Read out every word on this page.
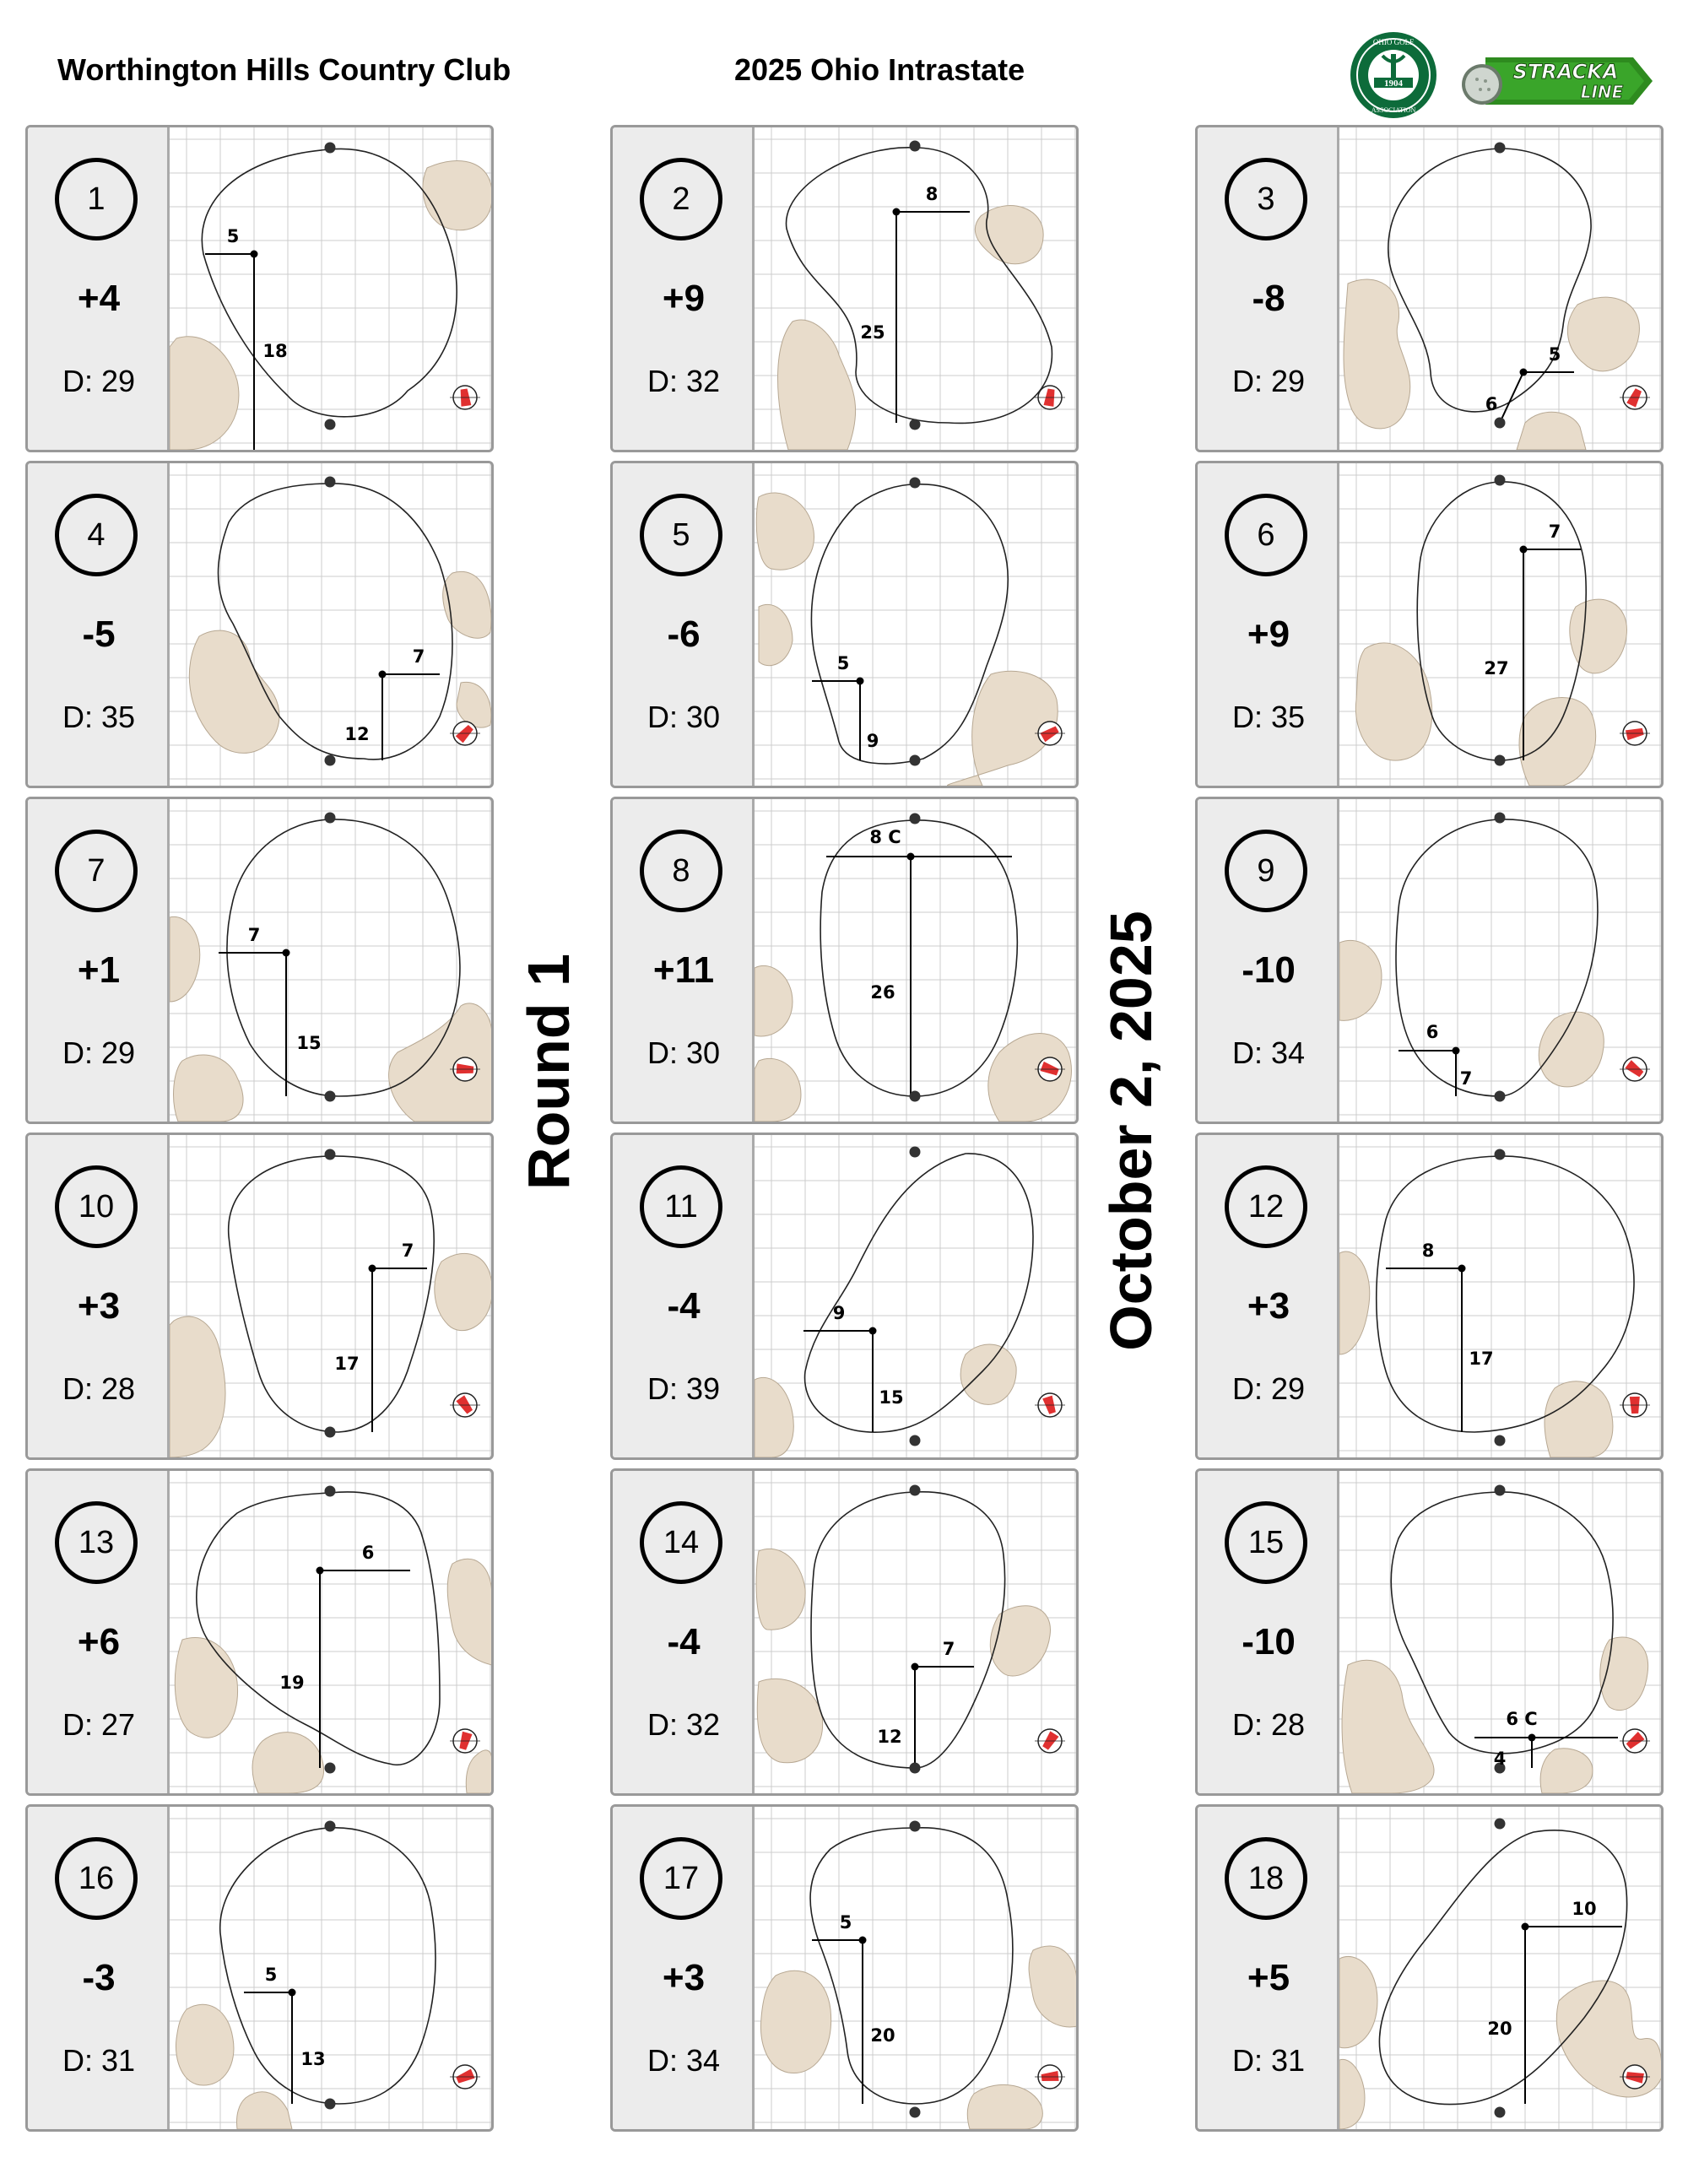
Worthington Hills Country Club	2025 Ohio Intrastate	1904
OHIO GOLF
ASSOCIATION
STRACKA
LINE
Round 1	October 2, 2025
1
+4
D: 29
5
18
2
+9
D: 32
8
25
3
-8
D: 29
5
6
4
-5
D: 35
7
12
5
-6
D: 30
5
9
6
+9
D: 35
7
27
7
+1
D: 29
7
15
8
+11
D: 30
8 C
26
9
-10
D: 34
6
7
10
+3
D: 28
7
17
11
-4
D: 39
9
15
12
+3
D: 29
8
17
13
+6
D: 27
6
19
14
-4
D: 32
7
12
15
-10
D: 28	6 C
4
16
-3
D: 31
5
13
17
+3
D: 34
5
20
18
+5
D: 31
10
20
